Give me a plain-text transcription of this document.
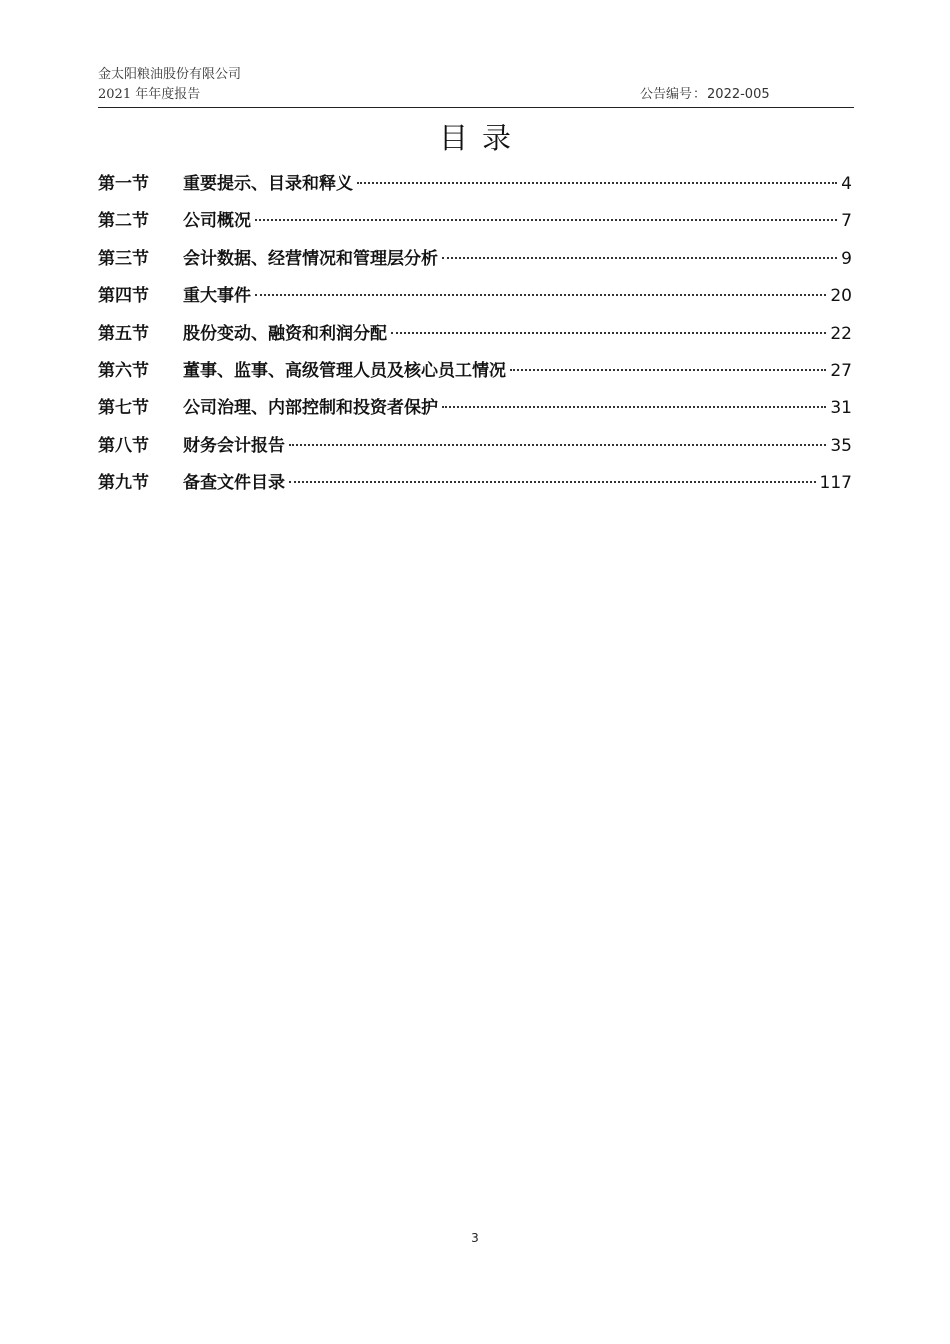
金太阳粮油股份有限公司
2021 年年度报告	公告编号：2022-005
目录
第一节	重要提示、目录和释义	4
第二节	公司概况	7
第三节	会计数据、经营情况和管理层分析	9
第四节	重大事件	20
第五节	股份变动、融资和利润分配	22
第六节	董事、监事、高级管理人员及核心员工情况	27
第七节	公司治理、内部控制和投资者保护	31
第八节	财务会计报告	35
第九节	备查文件目录	117
3
